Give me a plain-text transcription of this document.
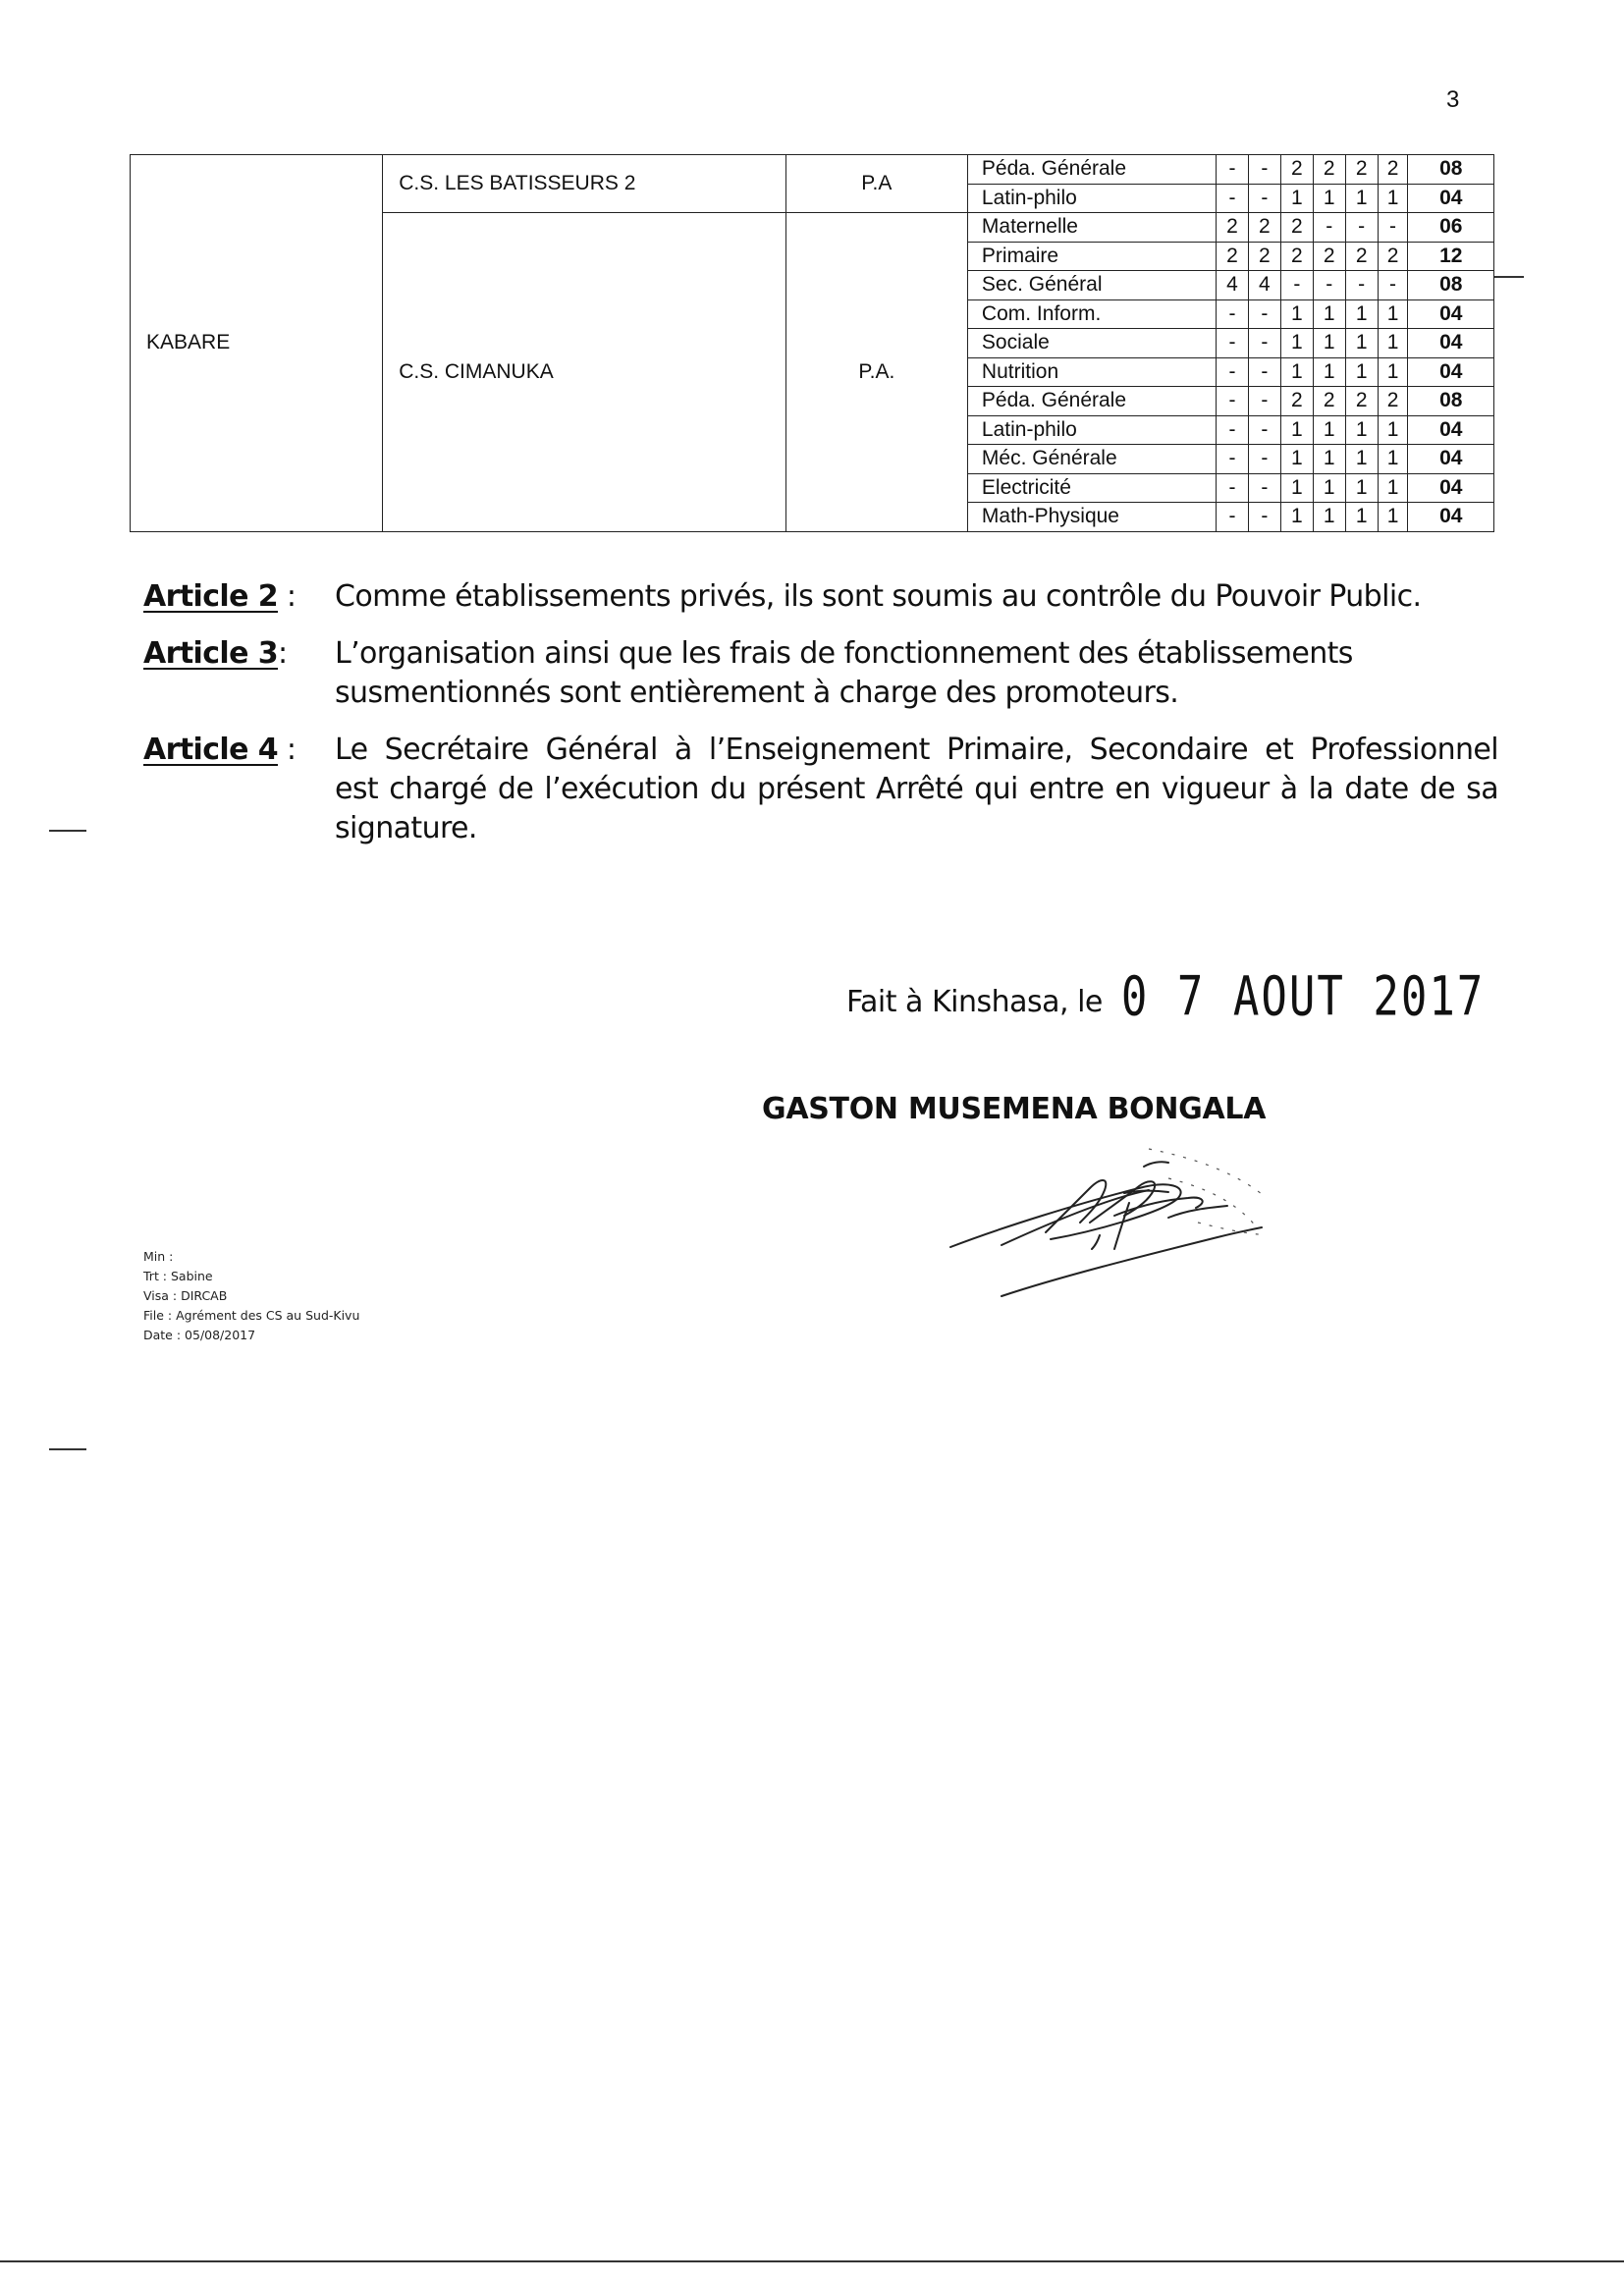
3
KABARE	C.S. LES BATISSEURS 2	P.A	Péda. Générale	-	-	2	2	2	2	08
			Latin-philo	-	-	1	1	1	1	04
	C.S. CIMANUKA	P.A.	Maternelle	2	2	2	-	-	-	06
			Primaire	2	2	2	2	2	2	12
			Sec. Général	4	4	-	-	-	-	08
			Com. Inform.	-	-	1	1	1	1	04
			Sociale	-	-	1	1	1	1	04
			Nutrition	-	-	1	1	1	1	04
			Péda. Générale	-	-	2	2	2	2	08
			Latin-philo	-	-	1	1	1	1	04
			Méc. Générale	-	-	1	1	1	1	04
			Electricité	-	-	1	1	1	1	04
			Math-Physique	-	-	1	1	1	1	04
Article 2 :	Comme établissements privés, ils sont soumis au contrôle du Pouvoir Public.
Article 3:	L’organisation ainsi que les frais de fonctionnement des établissements
susmentionnés sont entièrement à charge des promoteurs.
Article 4 :	Le Secrétaire Général à l’Enseignement Primaire, Secondaire et Professionnel
est chargé de l’exécution du présent Arrêté qui entre en vigueur à la date de sa
signature.
Fait à Kinshasa, le 0 7 AOUT 2017
GASTON MUSEMENA BONGALA
Min :
Trt : Sabine
Visa : DIRCAB
File : Agrément des CS au Sud-Kivu
Date : 05/08/2017
